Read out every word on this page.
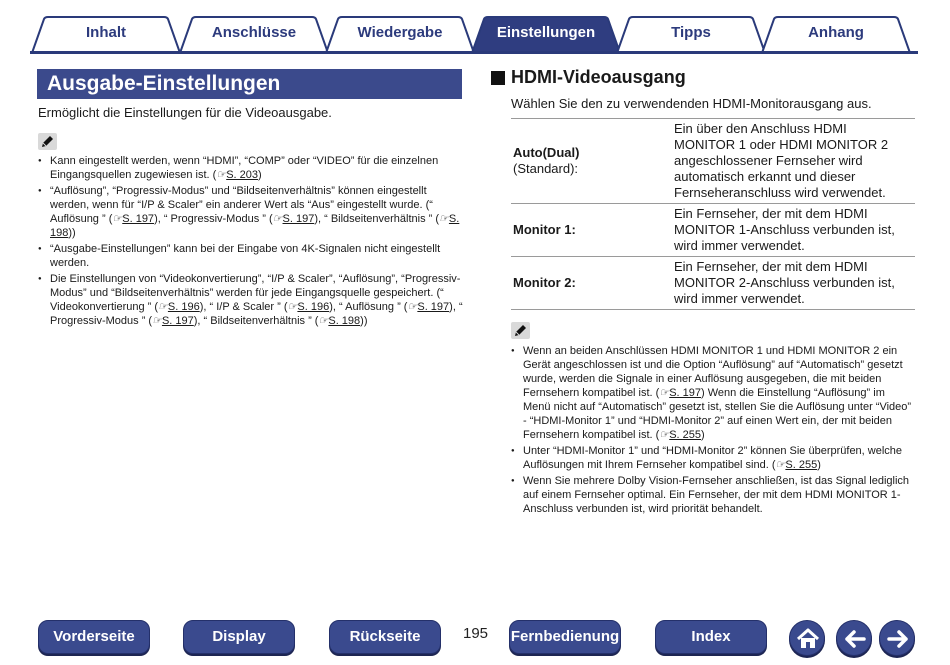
Inhalt	Anschlüsse	Wiedergabe	Einstellungen	Tipps	Anhang
Ausgabe-Einstellungen
Ermöglicht die Einstellungen für die Videoausgabe.
● Kann eingestellt werden, wenn “HDMI”, “COMP” oder “VIDEO” für die einzelnen Eingangsquellen zugewiesen ist. (☞S. 203)
● “Auflösung”, “Progressiv-Modus” und “Bildseitenverhältnis” können eingestellt werden, wenn für “I/P & Scaler” ein anderer Wert als “Aus” eingestellt wurde. (“ Auflösung ” (☞S. 197), “ Progressiv-Modus ” (☞S. 197), “ Bildseitenverhältnis ” (☞S. 198))
● “Ausgabe-Einstellungen” kann bei der Eingabe von 4K-Signalen nicht eingestellt werden.
● Die Einstellungen von “Videokonvertierung”, “I/P & Scaler”, “Auflösung”, “Progressiv-Modus” und “Bildseitenverhältnis” werden für jede Eingangsquelle gespeichert. (“ Videokonvertierung ” (☞S. 196), “ I/P & Scaler ” (☞S. 196), “ Auflösung ” (☞S. 197), “ Progressiv-Modus ” (☞S. 197), “ Bildseitenverhältnis ” (☞S. 198))
HDMI-Videoausgang
Wählen Sie den zu verwendenden HDMI-Monitorausgang aus.
Auto(Dual)
(Standard):	Ein über den Anschluss HDMI MONITOR 1 oder HDMI MONITOR 2 angeschlossener Fernseher wird automatisch erkannt und dieser Fernseheranschluss wird verwendet.

Monitor 1:	Ein Fernseher, der mit dem HDMI MONITOR 1-Anschluss verbunden ist, wird immer verwendet.

Monitor 2:	Ein Fernseher, der mit dem HDMI MONITOR 2-Anschluss verbunden ist, wird immer verwendet.
● Wenn an beiden Anschlüssen HDMI MONITOR 1 und HDMI MONITOR 2 ein Gerät angeschlossen ist und die Option “Auflösung” auf “Automatisch” gesetzt wurde, werden die Signale in einer Auflösung ausgegeben, die mit beiden Fernsehern kompatibel ist. (☞S. 197) Wenn die Einstellung “Auflösung” im Menü nicht auf “Automatisch” gesetzt ist, stellen Sie die Auflösung unter “Video” - “HDMI-Monitor 1” und “HDMI-Monitor 2” auf einen Wert ein, der mit beiden Fernsehern kompatibel ist. (☞S. 255)
● Unter “HDMI-Monitor 1” und “HDMI-Monitor 2” können Sie überprüfen, welche Auflösungen mit Ihrem Fernseher kompatibel sind. (☞S. 255)
● Wenn Sie mehrere Dolby Vision-Fernseher anschließen, ist das Signal lediglich auf einem Fernseher optimal. Ein Fernseher, der mit dem HDMI MONITOR 1-Anschluss verbunden ist, wird priorität behandelt.
Vorderseite	Display	Rückseite	195 Fernbedienung	Index
